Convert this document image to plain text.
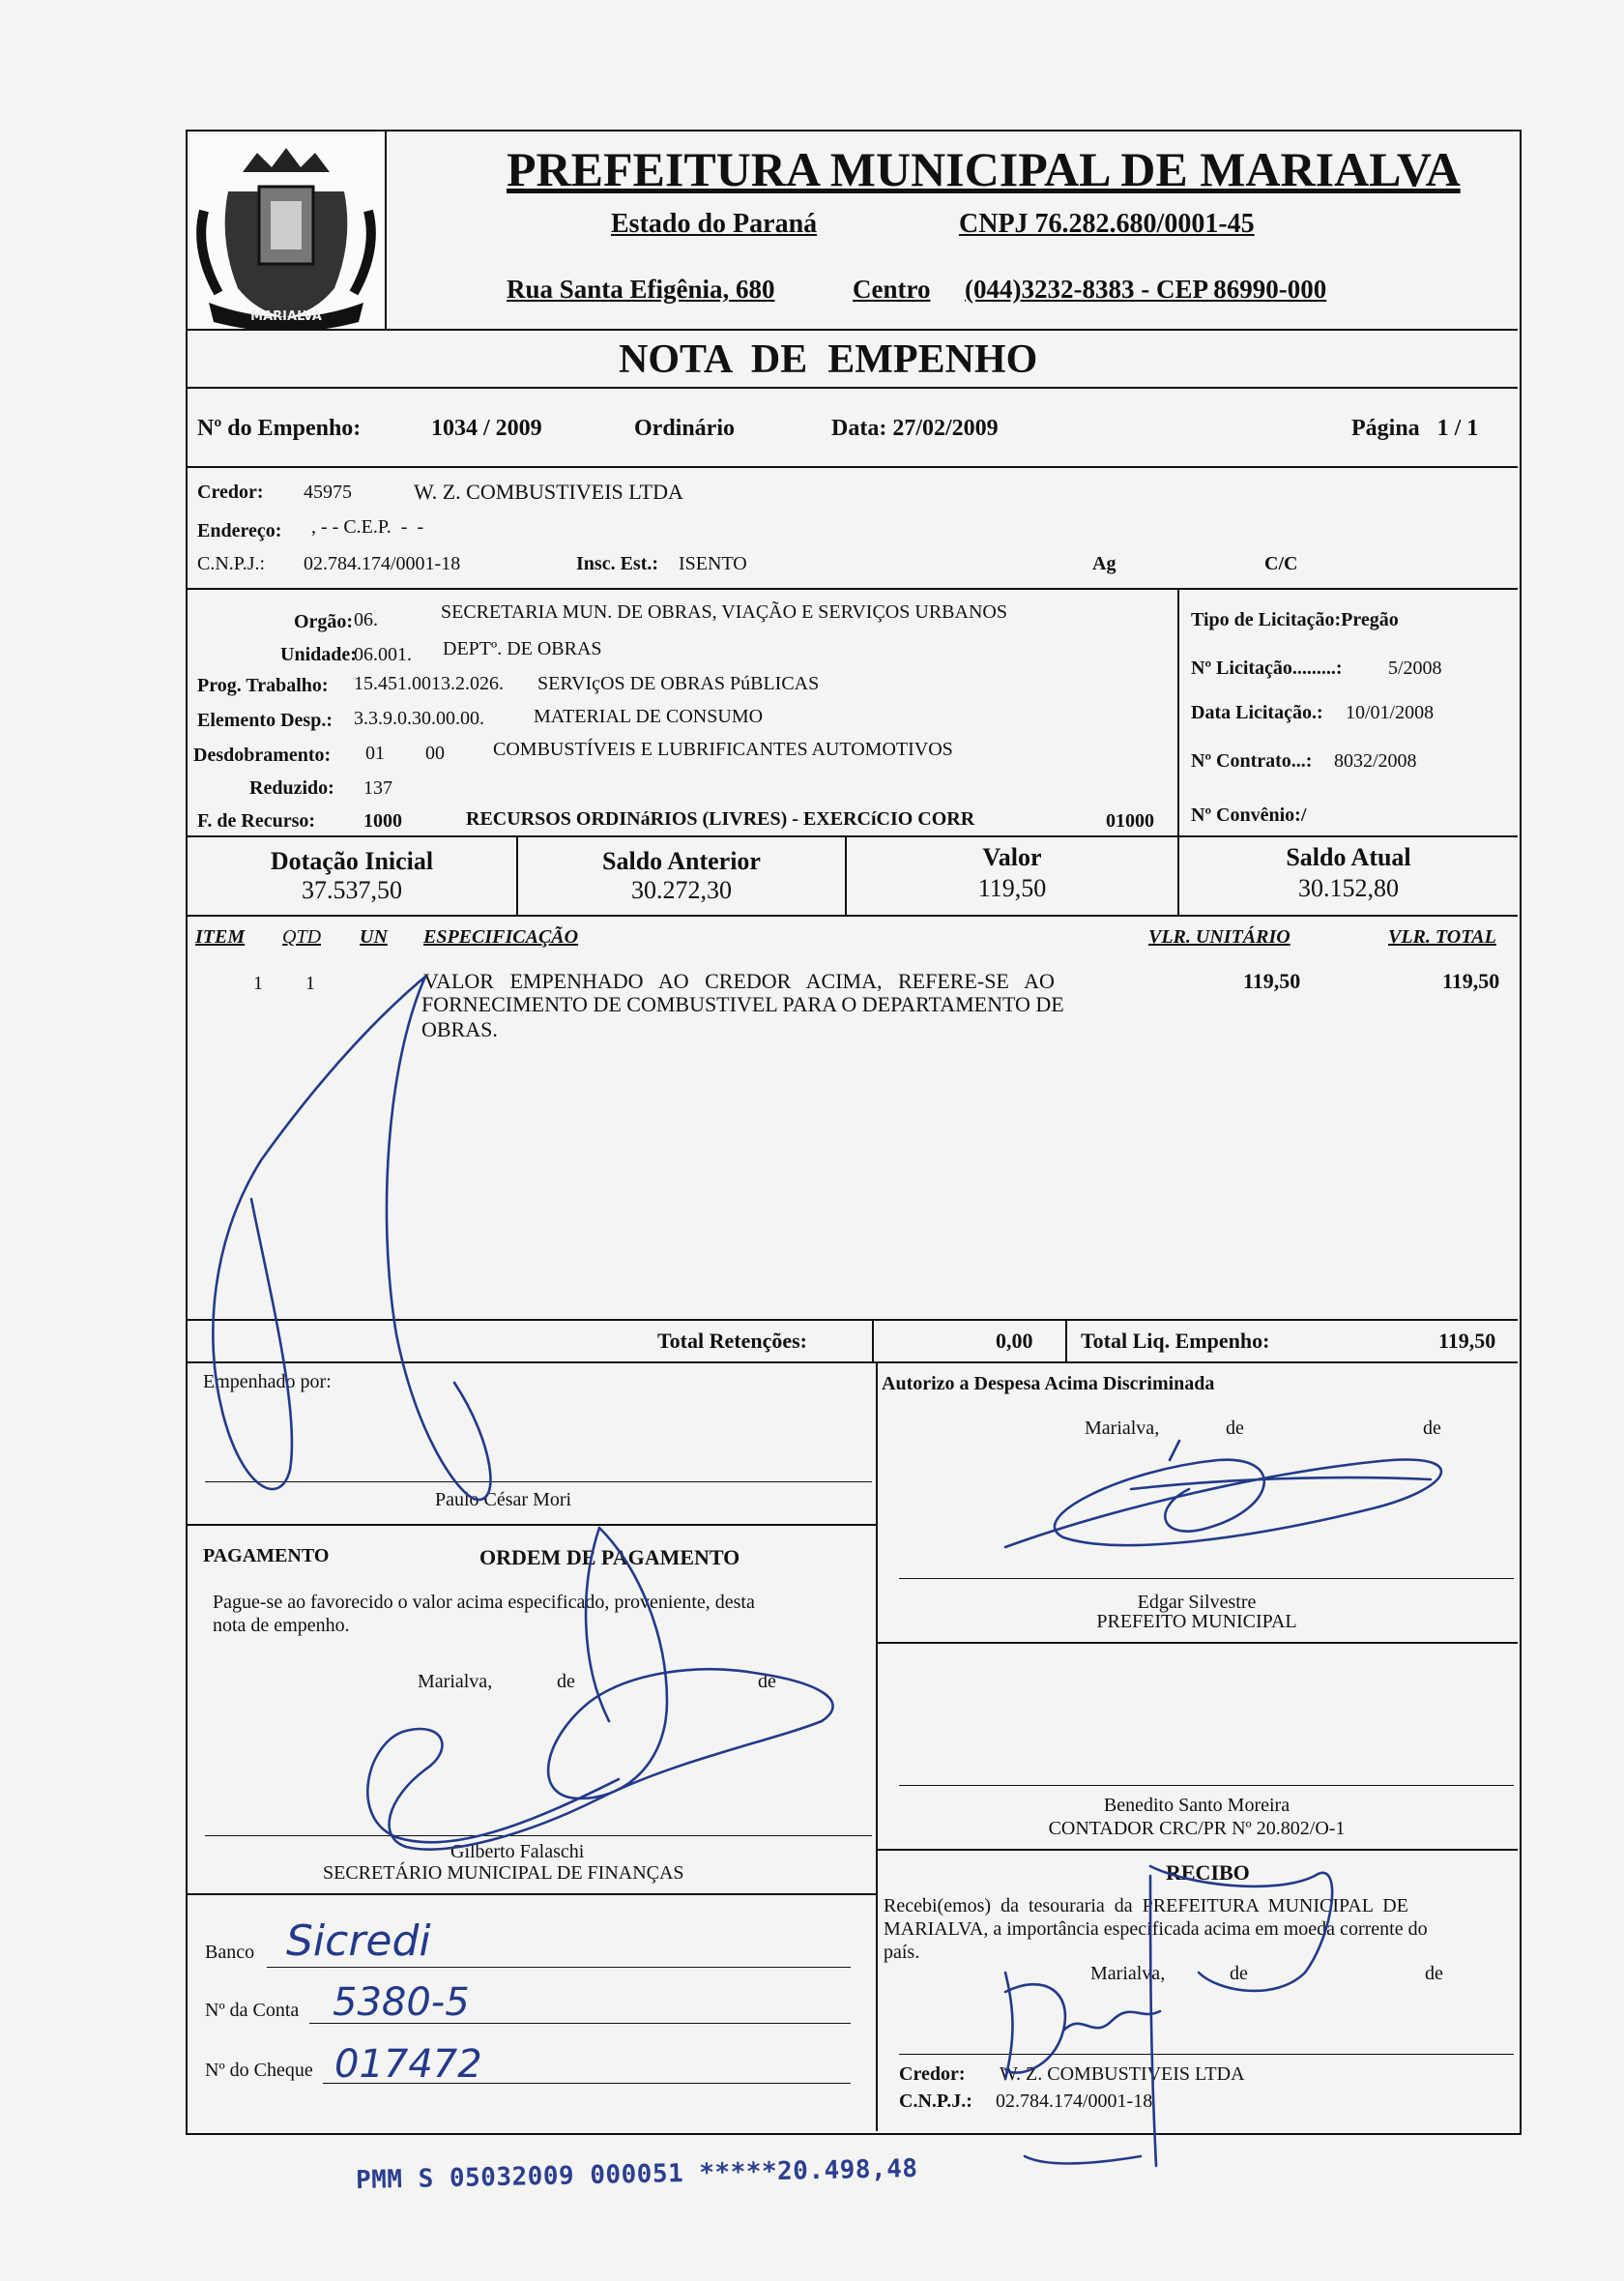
MARIALVA
PREFEITURA MUNICIPAL DE MARIALVA
Estado do Paraná	CNPJ 76.282.680/0001-45
Rua Santa Efigênia, 680	Centro (044)3232-8383 - CEP 86990-000
NOTA  DE  EMPENHO
Nº do Empenho:	1034 / 2009	Ordinário	Data: 27/02/2009	Página   1 / 1
Credor: 45975	W. Z. COMBUSTIVEIS LTDA
Endereço: , - - C.E.P.  -  -
C.N.P.J.: 02.784.174/0001-18	Insc. Est.: ISENTO	Ag	C/C
Orgão: 06.	SECRETARIA MUN. DE OBRAS, VIAÇÃO E SERVIÇOS URBANOS
Unidade:
06.001. DEPTº. DE OBRAS
Prog. Trabalho: 15.451.0013.2.026. SERVIçOS DE OBRAS PúBLICAS
Elemento Desp.: 3.3.9.0.30.00.00.	MATERIAL DE CONSUMO
Desdobramento: 01 00	COMBUSTÍVEIS E LUBRIFICANTES AUTOMOTIVOS
Reduzido: 137
F. de Recurso: 1000	RECURSOS ORDINáRIOS (LIVRES) - EXERCíCIO CORR	01000
Tipo de Licitação:Pregão
Nº Licitação.........: 5/2008
Data Licitação.: 10/01/2008
Nº Contrato...: 8032/2008
Nº Convênio:/
Dotação Inicial
37.537,50
Saldo Anterior
30.272,30
Valor
119,50
Saldo Atual
30.152,80
ITEM QTD UN ESPECIFICAÇÃO	VLR. UNITÁRIO	VLR. TOTAL
1 1	VALOR   EMPENHADO   AO   CREDOR   ACIMA,   REFERE-SE   AO
FORNECIMENTO DE COMBUSTIVEL PARA O DEPARTAMENTO DE
OBRAS.
119,50	119,50
Total Retenções:	0,00 Total Liq. Empenho:	119,50
Empenhado por:
Paulo César Mori
Autorizo a Despesa Acima Discriminada
Marialva,	de	de
Edgar Silvestre
PREFEITO MUNICIPAL
PAGAMENTO	ORDEM DE PAGAMENTO
Pague-se ao favorecido o valor acima especificado, proveniente, desta
nota de empenho.
Marialva,	de	de
Gilberto Falaschi
SECRETÁRIO MUNICIPAL DE FINANÇAS
Benedito Santo Moreira
CONTADOR CRC/PR Nº 20.802/O-1
Banco Sicredi
Nº da Conta 5380-5
Nº do Cheque 017472
RECIBO
Recebi(emos)  da  tesouraria  da  PREFEITURA  MUNICIPAL  DE
MARIALVA, a importância especificada acima em moeda corrente do
país.
Marialva,	de	de
Credor: W. Z. COMBUSTIVEIS LTDA
C.N.P.J.: 02.784.174/0001-18
PMM S 05032009 000051 *****20.498,48
